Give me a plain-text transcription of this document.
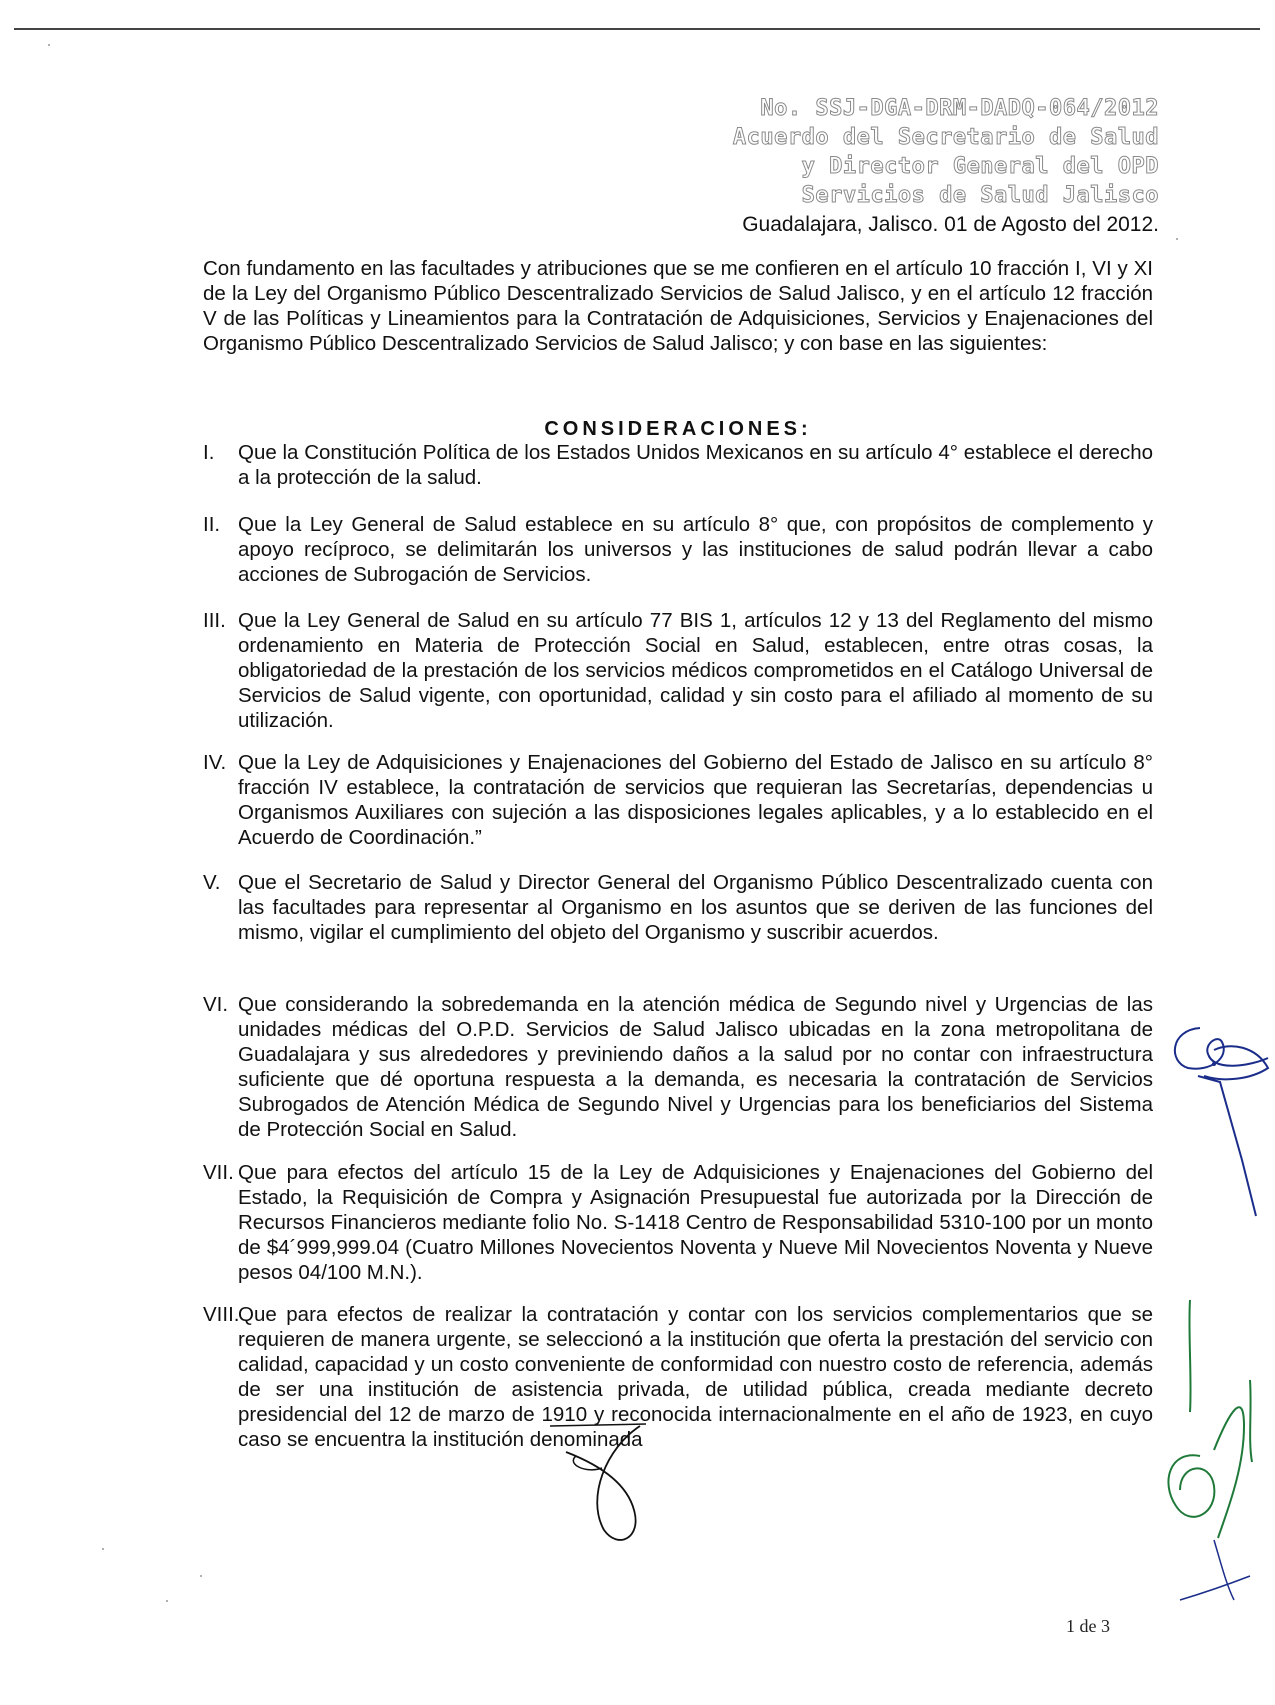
No. SSJ-DGA-DRM-DADQ-064/2012
Acuerdo del Secretario de Salud
y Director General del OPD
Servicios de Salud Jalisco
Guadalajara, Jalisco. 01 de Agosto del 2012.
Con fundamento en las facultades y atribuciones que se me confieren en el artículo 10 fracción I, VI y XI de la Ley del Organismo Público Descentralizado Servicios de Salud Jalisco, y en el artículo 12 fracción V de las Políticas y Lineamientos para la Contratación de Adquisiciones, Servicios y Enajenaciones del Organismo Público Descentralizado Servicios de Salud Jalisco; y con base en las siguientes:
CONSIDERACIONES:
I. Que la Constitución Política de los Estados Unidos Mexicanos en su artículo 4° establece el derecho a la protección de la salud.
II. Que la Ley General de Salud establece en su artículo 8° que, con propósitos de complemento y apoyo recíproco, se delimitarán los universos y las instituciones de salud podrán llevar a cabo acciones de Subrogación de Servicios.
III. Que la Ley General de Salud en su artículo 77 BIS 1, artículos 12 y 13 del Reglamento del mismo ordenamiento en Materia de Protección Social en Salud, establecen, entre otras cosas, la obligatoriedad de la prestación de los servicios médicos comprometidos en el Catálogo Universal de Servicios de Salud vigente, con oportunidad, calidad y sin costo para el afiliado al momento de su utilización.
IV. Que la Ley de Adquisiciones y Enajenaciones del Gobierno del Estado de Jalisco en su artículo 8° fracción IV establece, la contratación de servicios que requieran las Secretarías, dependencias u Organismos Auxiliares con sujeción a las disposiciones legales aplicables, y a lo establecido en el Acuerdo de Coordinación.”
V. Que el Secretario de Salud y Director General del Organismo Público Descentralizado cuenta con las facultades para representar al Organismo en los asuntos que se deriven de las funciones del mismo, vigilar el cumplimiento del objeto del Organismo y suscribir acuerdos.
VI. Que considerando la sobredemanda en la atención médica de Segundo nivel y Urgencias de las unidades médicas del O.P.D. Servicios de Salud Jalisco ubicadas en la zona metropolitana de Guadalajara y sus alrededores y previniendo daños a la salud por no contar con infraestructura suficiente que dé oportuna respuesta a la demanda, es necesaria la contratación de Servicios Subrogados de Atención Médica de Segundo Nivel y Urgencias para los beneficiarios del Sistema de Protección Social en Salud.
VII. Que para efectos del artículo 15 de la Ley de Adquisiciones y Enajenaciones del Gobierno del Estado, la Requisición de Compra y Asignación Presupuestal fue autorizada por la Dirección de Recursos Financieros mediante folio No. S-1418 Centro de Responsabilidad 5310-100 por un monto de $4´999,999.04 (Cuatro Millones Novecientos Noventa y Nueve Mil Novecientos Noventa y Nueve pesos 04/100 M.N.).
VIII.
Que para efectos de realizar la contratación y contar con los servicios complementarios que se requieren de manera urgente, se seleccionó a la institución que oferta la prestación del servicio con calidad, capacidad y un costo conveniente de conformidad con nuestro costo de referencia, además de ser una institución de asistencia privada, de utilidad pública, creada mediante decreto presidencial del 12 de marzo de 1910 y reconocida internacionalmente en el año de 1923, en cuyo caso se encuentra la institución denominada
1 de 3
